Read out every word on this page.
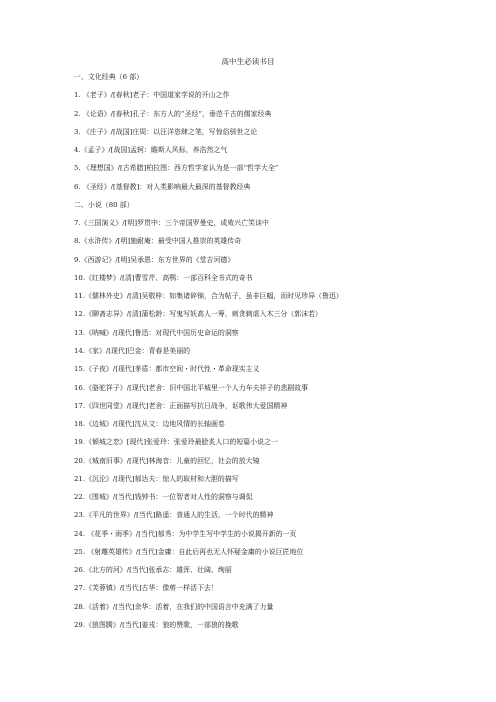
高中生必读书目
一、文化经典（6 部）
1. 《老子》/[春秋]老子：中国道家学说的开山之作
2. 《论语》/[春秋]孔子：东方人的“圣经”，垂范千古的儒家经典
3. 《庄子》/[战国]庄周：以汪洋恣肆之笔，写惊俗骇世之论
4.《孟子》/[战国]孟轲：瞻斯人风标，养浩然之气
5. 《理想国》/[古希腊]柏拉图：西方哲学家认为是一部“哲学大全”
6. 《圣经》/[基督教]：对人类影响最大最深的基督教经典
二、小说（80 部）
7.《三国演义》/[明]罗贯中：三个帝国罗曼史，成败兴亡笑谈中
8.《水浒传》/[明]施耐庵：最受中国人推崇的英雄传奇
9.《西游记》/[明]吴承恩：东方世界的《堂吉诃德》
10.《红楼梦》/[清]曹雪芹、高鹗：一部百科全书式的奇书
11.《儒林外史》/[清]吴敬梓：如集诸碎锦，合为帖子，虽非巨幅，而时见珍异（鲁迅）
12.《聊斋志异》/[清]蒲松龄：写鬼写妖高人一筹，刺贪刺虐入木三分（郭沫若）
13.《呐喊》/[现代]鲁迅：对现代中国历史命运的洞察
14.《家》/[现代]巴金：青春是美丽的
15.《子夜》/[现代]茅盾：都市空间・时代性・革命现实主义
16.《骆驼祥子》/[现代]老舍：旧中国北平城里一个人力车夫祥子的悲剧故事
17.《四世同堂》/[现代]老舍：正面描写抗日战争，讴歌伟大爱国精神
18.《边城》/[现代]沈从文：边地风情的长轴画卷
19.《倾城之恋》[现代]张爱玲：张爱玲最脍炙人口的短篇小说之一
20.《城南旧事》/[现代]林海音：儿童的回忆，社会的放大镜
21.《沉沦》/[现代]郁达夫：惊人的取材和大胆的描写
22.《围城》/[当代]钱钟书：一位智者对人性的洞察与调侃
23.《平凡的世界》/[当代]路遥：普通人的生活，一个时代的精神
24. 《花季・雨季》/[当代]郁秀：为中学生写中学生的小说揭开新的一页
25. 《射雕英雄传》/[当代]金庸：自此后再也无人怀疑金庸的小说巨匠地位
26.《北方的河》/[当代]张承志：雄浑、壮阔、绚丽
27.《芙蓉镇》/[当代]古华：像剪一样活下去！
28.《活着》/[当代]余华：活着，在我们的中国语言中充满了力量
29.《狼图腾》/[当代]姜戎：狼的赞歌，一部狼的挽歌
